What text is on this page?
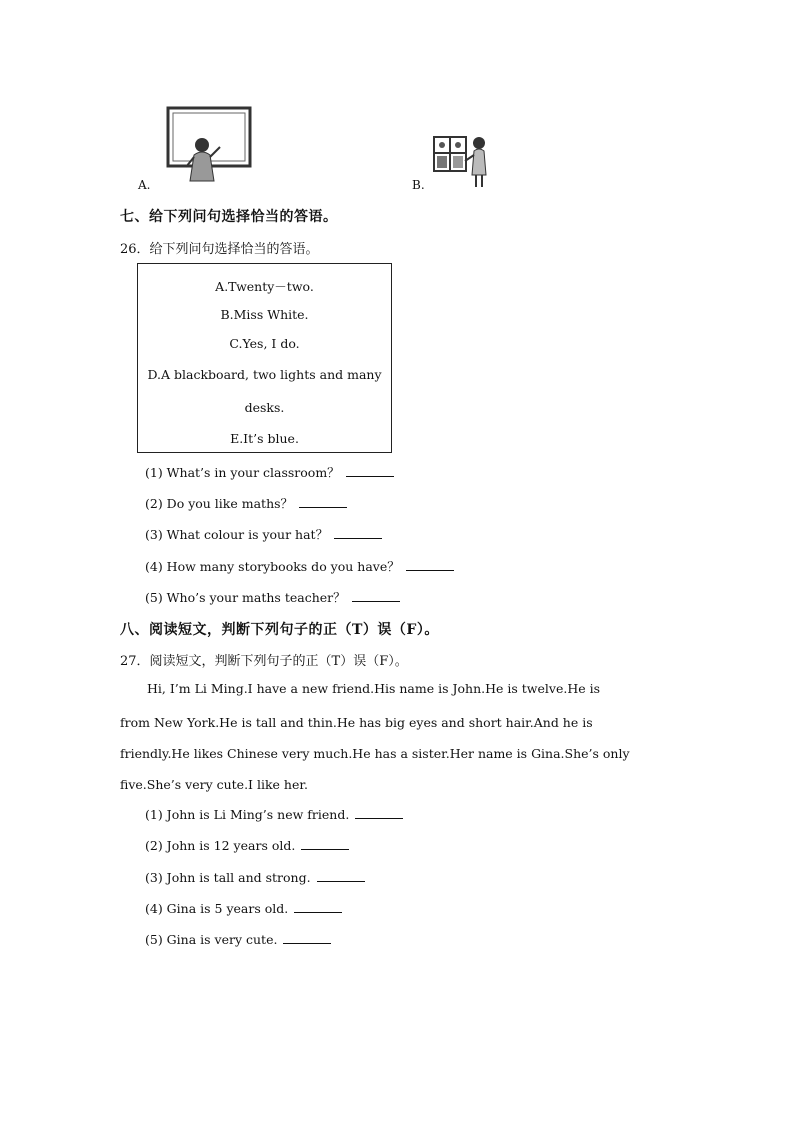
A.	B.
七、给下列问句选择恰当的答语。
26．给下列问句选择恰当的答语。
A.Twenty－two.
B.Miss White.
C.Yes, I do.
D.A blackboard, two lights and many
desks.
E.It’s blue.
(1) What’s in your classroom？
(2) Do you like maths？
(3) What colour is your hat？
(4) How many storybooks do you have？
(5) Who’s your maths teacher？
八、阅读短文，判断下列句子的正（T）误（F）。
27．阅读短文，判断下列句子的正（T）误（F）。
Hi, I’m Li Ming.I have a new friend.His name is John.He is twelve.He is
from New York.He is tall and thin.He has big eyes and short hair.And he is
friendly.He likes Chinese very much.He has a sister.Her name is Gina.She’s only
five.She’s very cute.I like her.
(1) John is Li Ming’s new friend.
(2) John is 12 years old.
(3) John is tall and strong.
(4) Gina is 5 years old.
(5) Gina is very cute.
